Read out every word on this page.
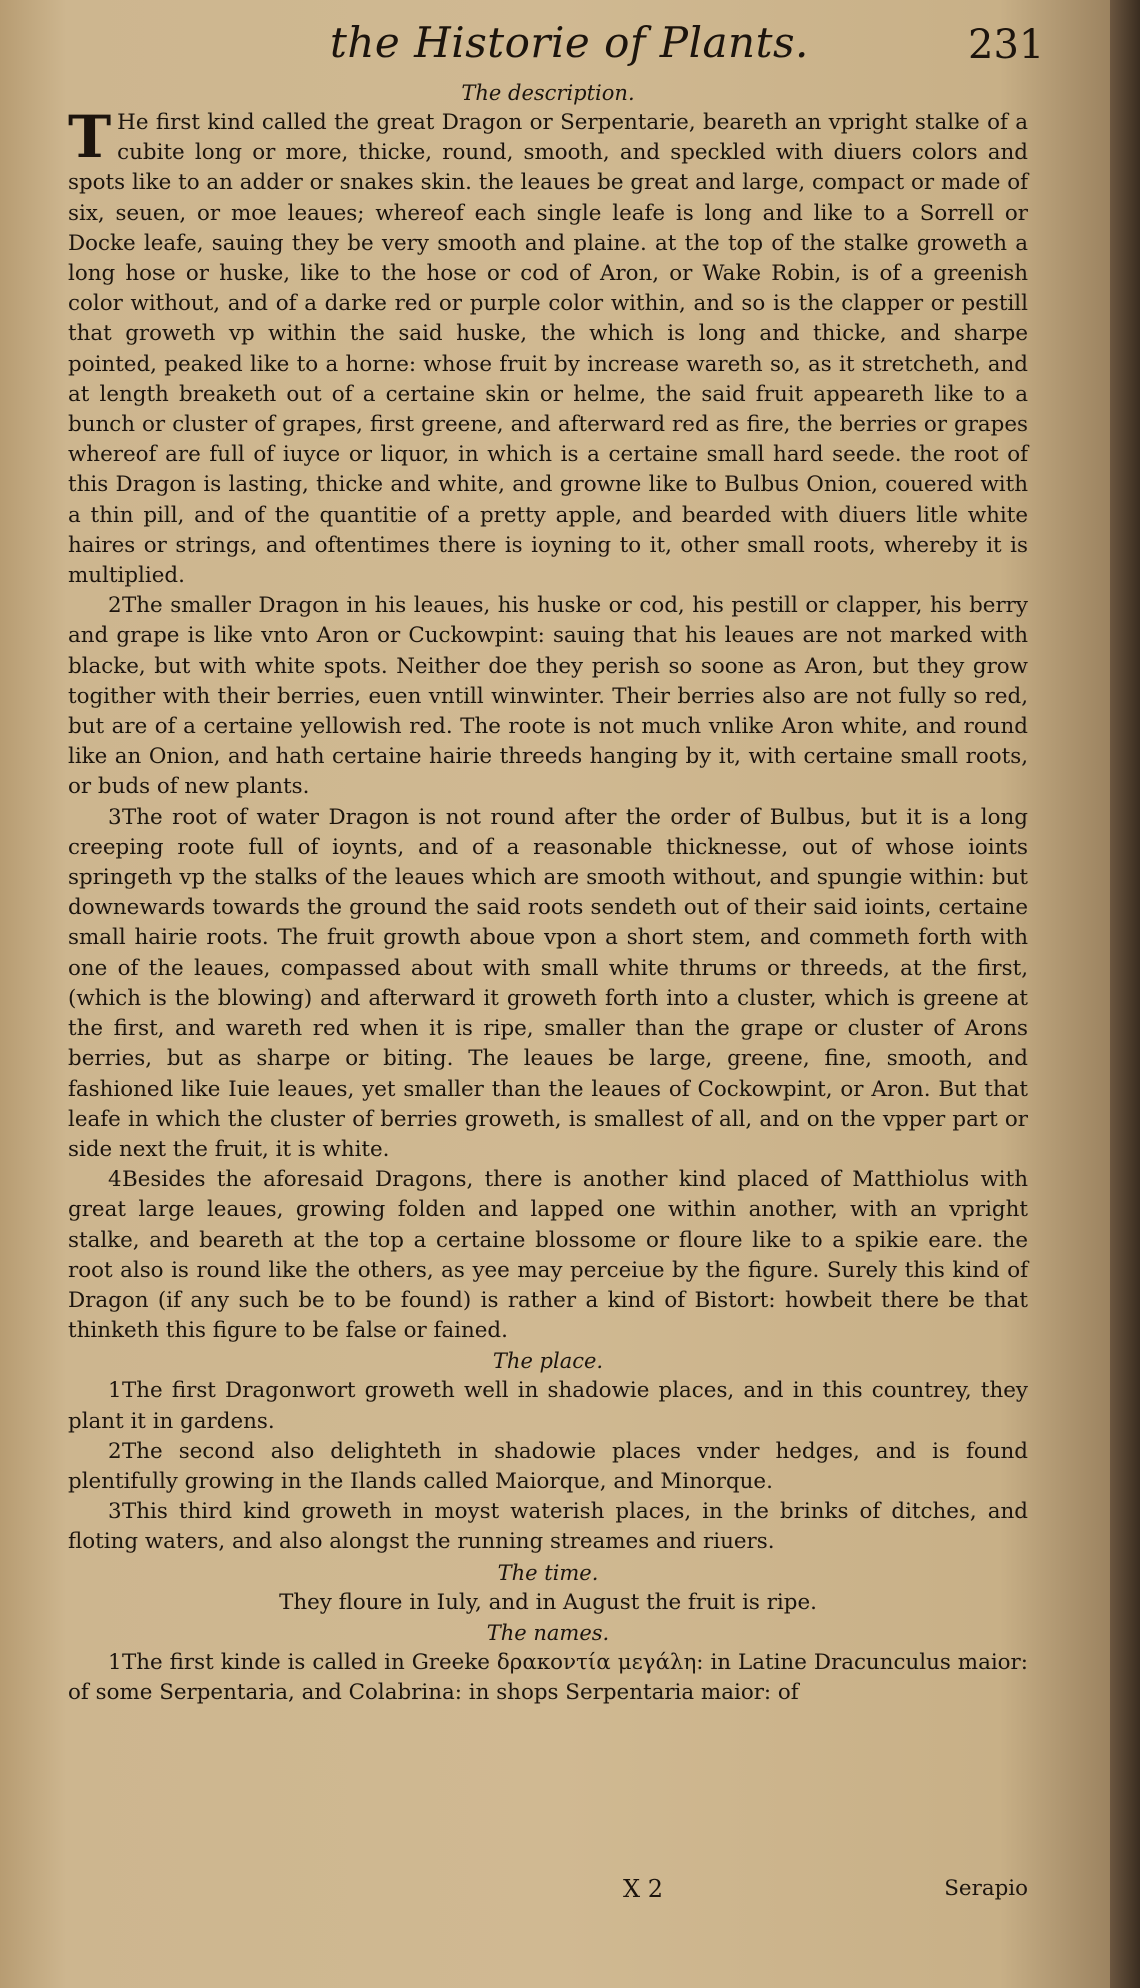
the Historie of Plants.	231

The description.

T He first kind called the great Dragon or Serpentarie, beareth an vpright stalke of a cubite long or more, thicke, round, smooth, and speckled with diuers colors and spots like to an adder or snakes skin. the leaues be great and large, compact or made of six, seuen, or moe leaues; whereof each single leafe is long and like to a Sorrell or Docke leafe, sauing they be very smooth and plaine. at the top of the stalke groweth a long hose or huske, like to the hose or cod of Aron, or Wake Robin, is of a greenish color without, and of a darke red or purple color within, and so is the clapper or pestill that groweth vp within the said huske, the which is long and thicke, and sharpe pointed, peaked like to a horne: whose fruit by increase wareth so, as it stretcheth, and at length breaketh out of a certaine skin or helme, the said fruit appeareth like to a bunch or cluster of grapes, first greene, and afterward red as fire, the berries or grapes whereof are full of iuyce or liquor, in which is a certaine small hard seede. the root of this Dragon is lasting, thicke and white, and growne like to Bulbus Onion, couered with a thin pill, and of the quantitie of a pretty apple, and bearded with diuers litle white haires or strings, and oftentimes there is ioyning to it, other small roots, whereby it is multiplied.

2The smaller Dragon in his leaues, his huske or cod, his pestill or clapper, his berry and grape is like vnto Aron or Cuckowpint: sauing that his leaues are not marked with blacke, but with white spots. Neither doe they perish so soone as Aron, but they grow togither with their berries, euen vntill winwinter. Their berries also are not fully so red, but are of a certaine yellowish red. The roote is not much vnlike Aron white, and round like an Onion, and hath certaine hairie threeds hanging by it, with certaine small roots, or buds of new plants.

3The root of water Dragon is not round after the order of Bulbus, but it is a long creeping roote full of ioynts, and of a reasonable thicknesse, out of whose ioints springeth vp the stalks of the leaues which are smooth without, and spungie within: but downewards towards the ground the said roots sendeth out of their said ioints, certaine small hairie roots. The fruit growth aboue vpon a short stem, and commeth forth with one of the leaues, compassed about with small white thrums or threeds, at the first, (which is the blowing) and afterward it groweth forth into a cluster, which is greene at the first, and wareth red when it is ripe, smaller than the grape or cluster of Arons berries, but as sharpe or biting. The leaues be large, greene, fine, smooth, and fashioned like Iuie leaues, yet smaller than the leaues of Cockowpint, or Aron. But that leafe in which the cluster of berries groweth, is smallest of all, and on the vpper part or side next the fruit, it is white.

4Besides the aforesaid Dragons, there is another kind placed of Matthiolus with great large leaues, growing folden and lapped one within another, with an vpright stalke, and beareth at the top a certaine blossome or floure like to a spikie eare. the root also is round like the others, as yee may perceiue by the figure. Surely this kind of Dragon (if any such be to be found) is rather a kind of Bistort: howbeit there be that thinketh this figure to be false or fained.

The place.

1The first Dragonwort groweth well in shadowie places, and in this countrey, they plant it in gardens.

2The second also delighteth in shadowie places vnder hedges, and is found plentifully growing in the Ilands called Maiorque, and Minorque.

3This third kind groweth in moyst waterish places, in the brinks of ditches, and floting waters, and also alongst the running streames and riuers.

The time.

They floure in Iuly, and in August the fruit is ripe.

The names.

1The first kinde is called in Greeke δρακοντία μεγάλη: in Latine Dracunculus maior: of some Serpentaria, and Colabrina: in shops Serpentaria maior: of

X 2	Serapio
